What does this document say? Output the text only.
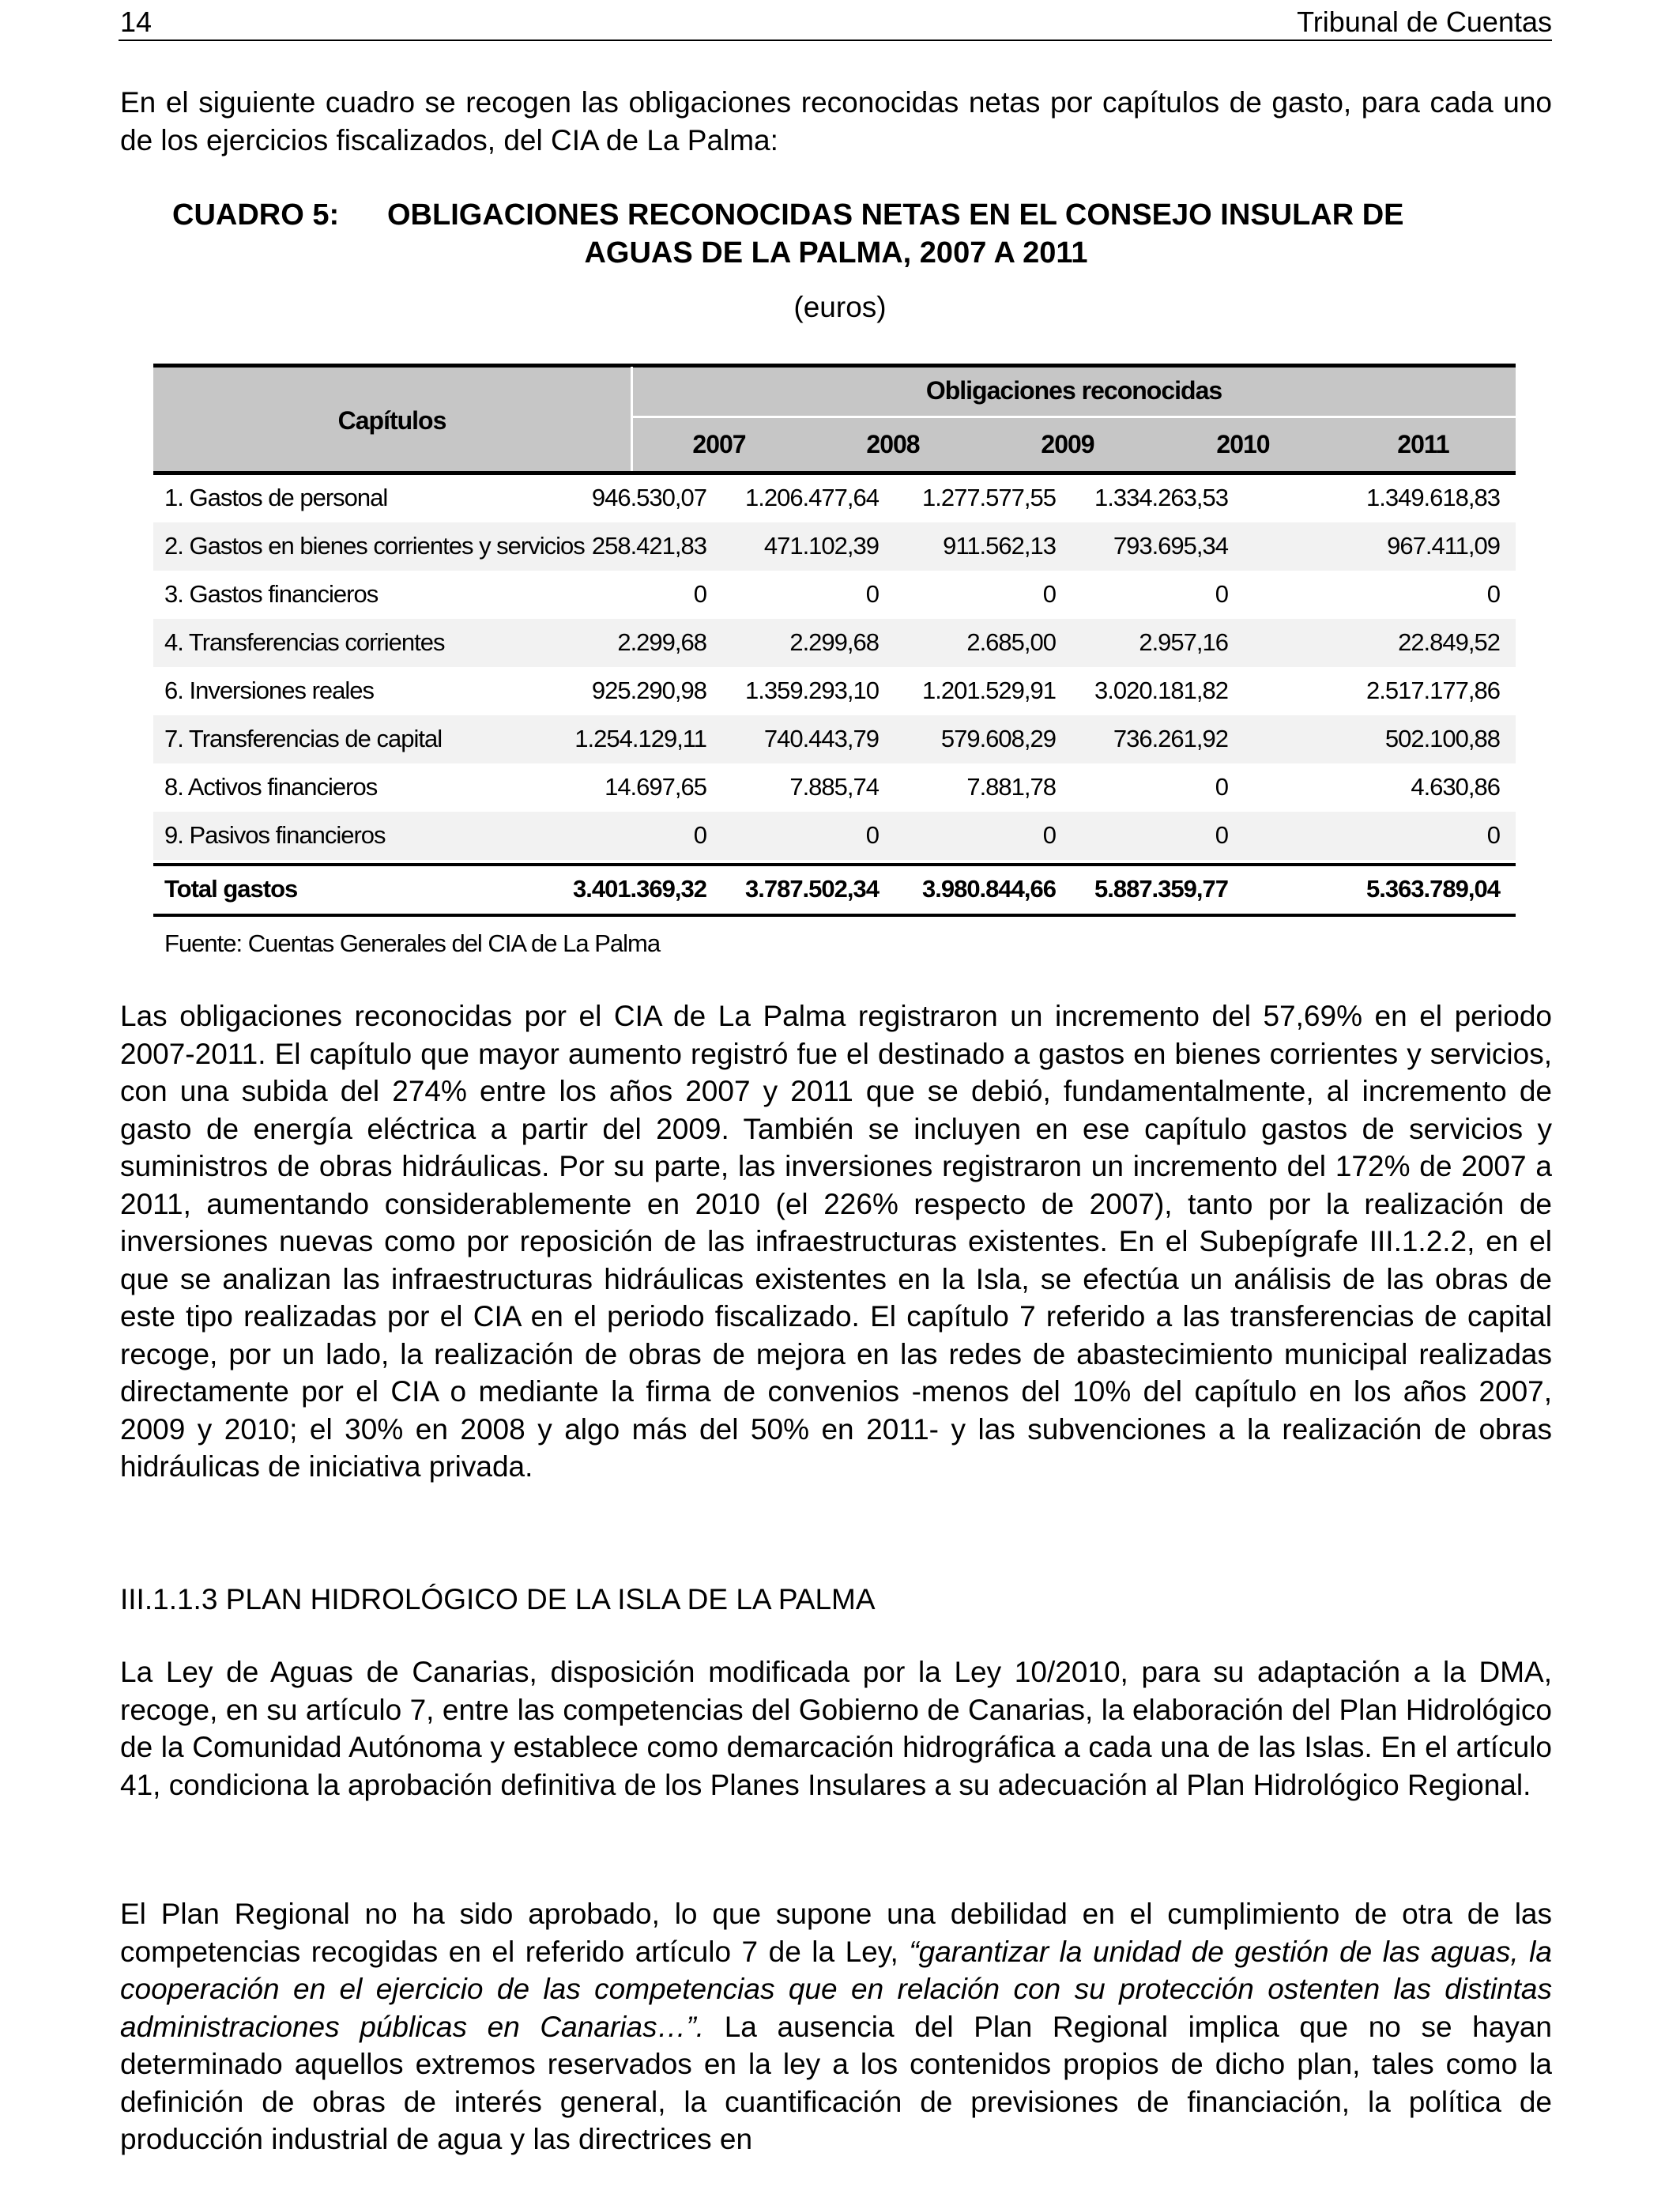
14	Tribunal de Cuentas

En el siguiente cuadro se recogen las obligaciones reconocidas netas por capítulos de gasto, para cada uno de los ejercicios fiscalizados, del CIA de La Palma:

CUADRO 5: OBLIGACIONES RECONOCIDAS NETAS EN EL CONSEJO INSULAR DE
AGUAS DE LA PALMA, 2007 A 2011
(euros)
Capítulos
Obligaciones reconocidas
2007	2008	2009	2010	2011
1. Gastos de personal	946.530,07 1.206.477,64 1.277.577,55 1.334.263,53	1.349.618,83
2. Gastos en bienes corrientes y servicios 258.421,83 471.102,39	911.562,13 793.695,34	967.411,09
3. Gastos financieros	0	0	0	0	0
4. Transferencias corrientes	2.299,68	2.299,68	2.685,00	2.957,16	22.849,52
6. Inversiones reales	925.290,98 1.359.293,10 1.201.529,91 3.020.181,82	2.517.177,86
7. Transferencias de capital	1.254.129,11 740.443,79	579.608,29 736.261,92	502.100,88
8. Activos financieros	14.697,65	7.885,74	7.881,78	0	4.630,86
9. Pasivos financieros	0	0	0	0	0
Total gastos	3.401.369,32 3.787.502,34 3.980.844,66 5.887.359,77	5.363.789,04
Fuente: Cuentas Generales del CIA de La Palma

Las obligaciones reconocidas por el CIA de La Palma registraron un incremento del 57,69% en el periodo 2007-2011. El capítulo que mayor aumento registró fue el destinado a gastos en bienes corrientes y servicios, con una subida del 274% entre los años 2007 y 2011 que se debió, fundamentalmente, al incremento de gasto de energía eléctrica a partir del 2009. También se incluyen en ese capítulo gastos de servicios y suministros de obras hidráulicas. Por su parte, las inversiones registraron un incremento del 172% de 2007 a 2011, aumentando considerablemente en 2010 (el 226% respecto de 2007), tanto por la realización de inversiones nuevas como por reposición de las infraestructuras existentes. En el Subepígrafe III.1.2.2, en el que se analizan las infraestructuras hidráulicas existentes en la Isla, se efectúa un análisis de las obras de este tipo realizadas por el CIA en el periodo fiscalizado. El capítulo 7 referido a las transferencias de capital recoge, por un lado, la realización de obras de mejora en las redes de abastecimiento municipal realizadas directamente por el CIA o mediante la firma de convenios -menos del 10% del capítulo en los años 2007, 2009 y 2010; el 30% en 2008 y algo más del 50% en 2011- y las subvenciones a la realización de obras hidráulicas de iniciativa privada.

III.1.1.3 PLAN HIDROLÓGICO DE LA ISLA DE LA PALMA

La Ley de Aguas de Canarias, disposición modificada por la Ley 10/2010, para su adaptación a la DMA, recoge, en su artículo 7, entre las competencias del Gobierno de Canarias, la elaboración del Plan Hidrológico de la Comunidad Autónoma y establece como demarcación hidrográfica a cada una de las Islas. En el artículo 41, condiciona la aprobación definitiva de los Planes Insulares a su adecuación al Plan Hidrológico Regional.

El Plan Regional no ha sido aprobado, lo que supone una debilidad en el cumplimiento de otra de las competencias recogidas en el referido artículo 7 de la Ley, “garantizar la unidad de gestión de las aguas, la cooperación en el ejercicio de las competencias que en relación con su protección ostenten las distintas administraciones públicas en Canarias…”. La ausencia del Plan Regional implica que no se hayan determinado aquellos extremos reservados en la ley a los contenidos propios de dicho plan, tales como la definición de obras de interés general, la cuantificación de previsiones de financiación, la política de producción industrial de agua y las directrices en
